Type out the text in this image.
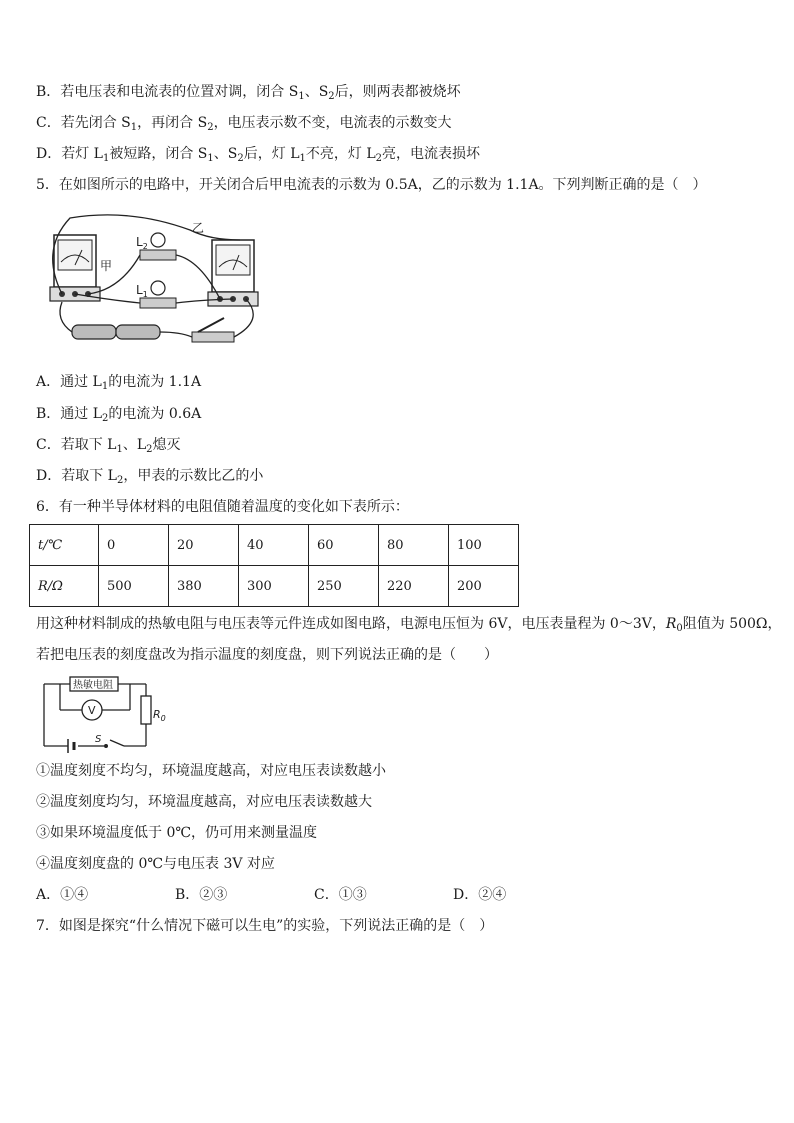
B．若电压表和电流表的位置对调，闭合 $S_1$、$S_2$后，则两表都被烧坏
C．若先闭合 $S_1$，再闭合 $S_2$，电压表示数不变，电流表的示数变大
D．若灯 $L_1$被短路，闭合 $S_1$、$S_2$后，灯 $L_1$不亮，灯 $L_2$亮，电流表损坏
5．在如图所示的电路中，开关闭合后甲电流表的示数为 0.5A，乙的示数为 1.1A。下列判断正确的是（　）
$L_2$
$L_1$
甲
乙
A．通过 $L_1$的电流为 1.1A
B．通过 $L_2$的电流为 0.6A
C．若取下 $L_1$、$L_2$熄灭
D．若取下 $L_2$，甲表的示数比乙的小
6．有一种半导体材料的电阻值随着温度的变化如下表所示：
t/℃	0	20	40	60	80	100
R/Ω	500	380	300	250	220	200
用这种材料制成的热敏电阻与电压表等元件连成如图电路，电源电压恒为 6V，电压表量程为 0～3V，$R_0$阻值为 500Ω，
若把电压表的刻度盘改为指示温度的刻度盘，则下列说法正确的是（　　）
热敏电阻
V	$R_0$
S
①温度刻度不均匀，环境温度越高，对应电压表读数越小
②温度刻度均匀，环境温度越高，对应电压表读数越大
③如果环境温度低于 0℃，仍可用来测量温度
④温度刻度盘的 0℃与电压表 3V 对应
A．①④	B．②③	C．①③	D．②④
7．如图是探究“什么情况下磁可以生电”的实验，下列说法正确的是（　）
